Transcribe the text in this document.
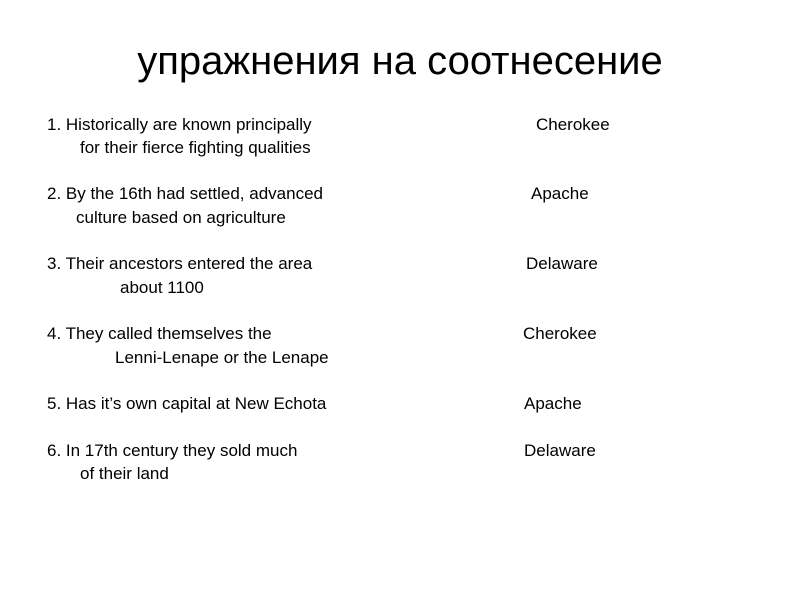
упражнения на соотнесение
1. Historically are known principally
for their fierce fighting qualities
Cherokee
2. By the 16th had settled, advanced
culture based on agriculture
Apache
3. Their ancestors entered the area
about 1100
Delaware
4. They called themselves the
Lenni-Lenape or the Lenape
Cherokee
5. Has it’s own capital at New Echota	Apache
6. In 17th century they sold much
of their land
Delaware
